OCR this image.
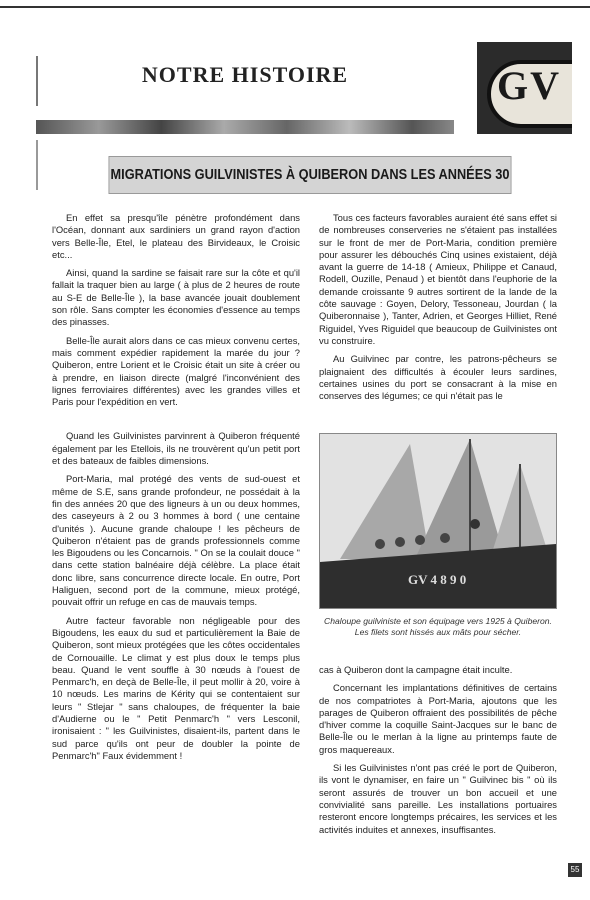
NOTRE HISTOIRE	GV
MIGRATIONS GUILVINISTES À QUIBERON DANS LES ANNÉES 30

En effet sa presqu'île pénètre profondément dans l'Océan, donnant aux sardiniers un grand rayon d'action vers Belle-Île, Etel, le plateau des Birvideaux, le Croisic etc...

Ainsi, quand la sardine se faisait rare sur la côte et qu'il fallait la traquer bien au large ( à plus de 2 heures de route au S-E de Belle-Île ), la base avancée jouait doublement son rôle. Sans compter les économies d'essence au temps des pinasses.

Belle-Île aurait alors dans ce cas mieux convenu certes, mais comment expédier rapidement la marée du jour ? Quiberon, entre Lorient et le Croisic était un site à créer ou à prendre, en liaison directe (malgré l'inconvénient des lignes ferroviaires différentes) avec les grandes villes et Paris pour l'expédition en vert.

Quand les Guilvinistes parvinrent à Quiberon fréquenté également par les Etellois, ils ne trouvèrent qu'un petit port et des bateaux de faibles dimensions.

Port-Maria, mal protégé des vents de sud-ouest et même de S.E, sans grande profondeur, ne possédait à la fin des années 20 que des ligneurs à un ou deux hommes, des caseyeurs à 2 ou 3 hommes à bord ( une centaine d'unités ). Aucune grande chaloupe ! les pêcheurs de Quiberon n'étaient pas de grands professionnels comme les Bigoudens ou les Concarnois. " On se la coulait douce " dans cette station balnéaire déjà célèbre. La place était donc libre, sans concurrence directe locale. En outre, Port Haliguen, second port de la commune, mieux protégé, pouvait offrir un refuge en cas de mauvais temps.

Autre facteur favorable non négligeable pour des Bigoudens, les eaux du sud et particulièrement la Baie de Quiberon, sont mieux protégées que les côtes occidentales de Cornouaille. Le climat y est plus doux le temps plus beau. Quand le vent souffle à 30 nœuds à l'ouest de Penmarc'h, en deçà de Belle-Île, il peut mollir à 20, voire à 10 nœuds. Les marins de Kérity qui se contentaient sur leurs " Stlejar " sans chaloupes, de fréquenter la baie d'Audierne ou le " Petit Penmarc'h " vers Lesconil, ironisaient : " les Guilvinistes, disaient-ils, partent dans le sud parce qu'ils ont peur de doubler la pointe de Penmarc'h" Faux évidemment !

Tous ces facteurs favorables auraient été sans effet si de nombreuses conserveries ne s'étaient pas installées sur le front de mer de Port-Maria, condition première pour assurer les débouchés Cinq usines existaient, déjà avant la guerre de 14-18 ( Amieux, Philippe et Canaud, Rodell, Ouzille, Penaud ) et bientôt dans l'euphorie de la demande croissante 9 autres sortirent de la lande de la côte sauvage : Goyen, Delory, Tessoneau, Jourdan ( la Quiberonnaise ), Tanter, Adrien, et Georges Hilliet, René Riguidel, Yves Riguidel que beaucoup de Guilvinistes ont vu construire.

Au Guilvinec par contre, les patrons-pêcheurs se plaignaient des difficultés à écouler leurs sardines, certaines usines du port se consacrant à la mise en conserves des légumes; ce qui n'était pas le

GV 4 8 9 0
Chaloupe guilviniste et son équipage vers 1925 à Quiberon. Les filets sont hissés aux mâts pour sécher.

cas à Quiberon dont la campagne était inculte.

Concernant les implantations définitives de certains de nos compatriotes à Port-Maria, ajoutons que les parages de Quiberon offraient des possibilités de pêche d'hiver comme la coquille Saint-Jacques sur le banc de Belle-Île ou le merlan à la ligne au printemps faute de gros maquereaux.

Si les Guilvinistes n'ont pas créé le port de Quiberon, ils vont le dynamiser, en faire un " Guilvinec bis " où ils seront assurés de trouver un bon accueil et une convivialité sans pareille. Les installations portuaires resteront encore longtemps précaires, les services et les activités induites et annexes, insuffisantes.

55
